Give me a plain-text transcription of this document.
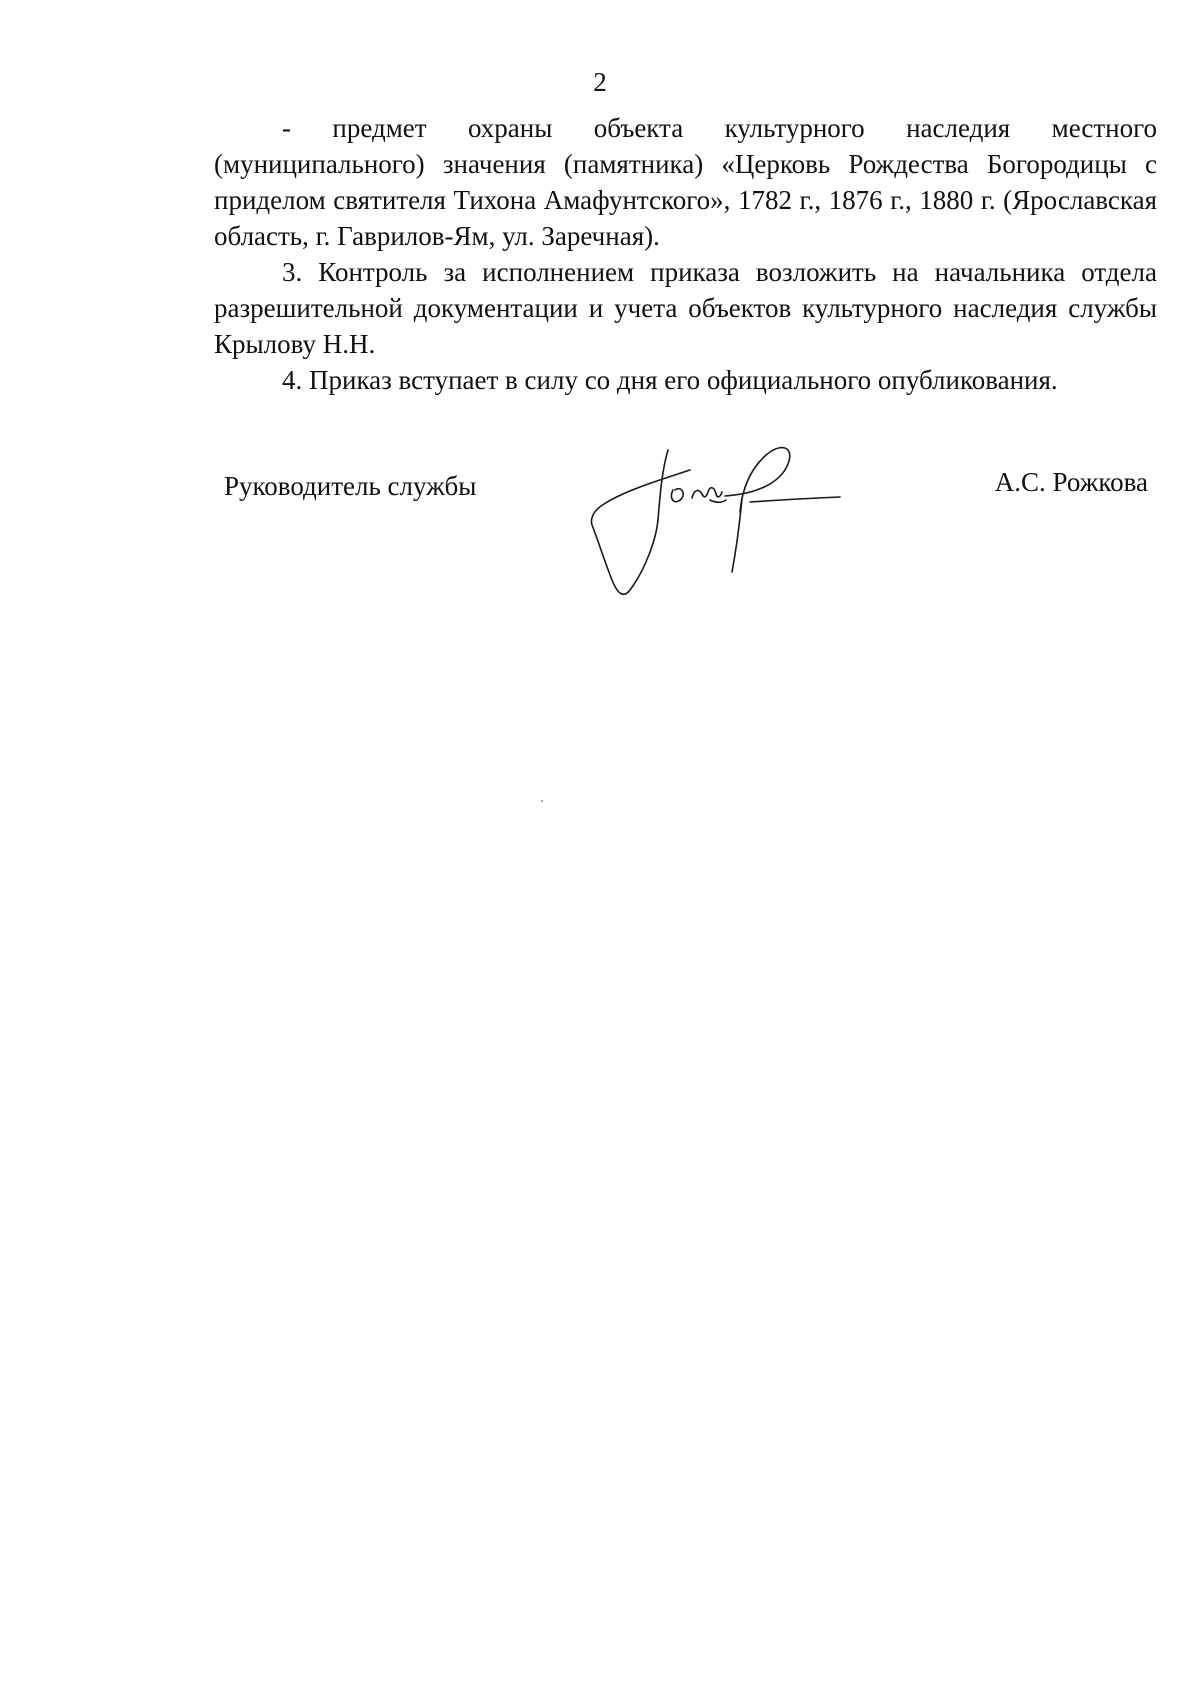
2

- предмет охраны объекта культурного наследия местного (муниципального) значения (памятника) «Церковь Рождества Богородицы с приделом святителя Тихона Амафунтского», 1782 г., 1876 г., 1880 г. (Ярославская область, г. Гаврилов-Ям, ул. Заречная).

3. Контроль за исполнением приказа возложить на начальника отдела разрешительной документации и учета объектов культурного наследия службы Крылову Н.Н.

4. Приказ вступает в силу со дня его официального опубликования.

Руководитель службы	А.С. Рожкова
